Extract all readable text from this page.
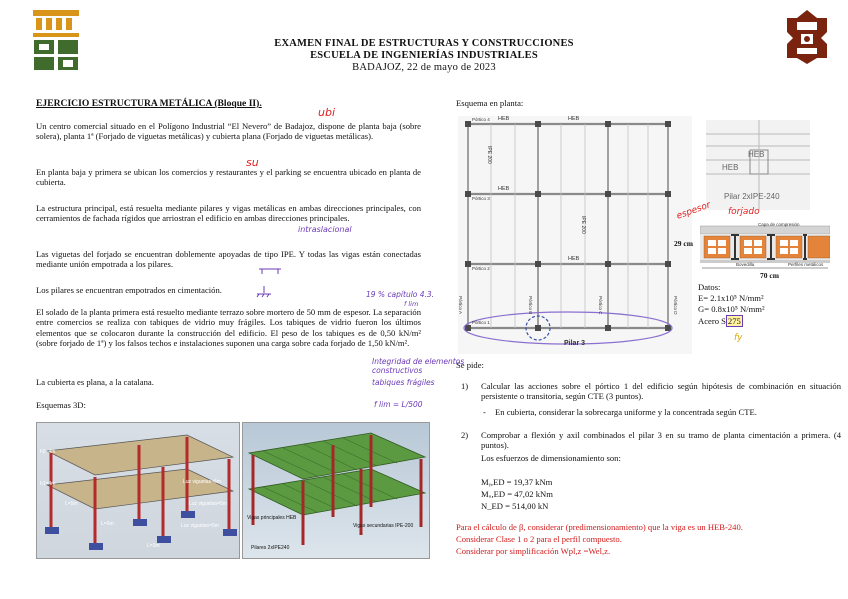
EXAMEN FINAL DE ESTRUCTURAS Y CONSTRUCCIONES
ESCUELA DE INGENIERÍAS INDUSTRIALES
BADAJOZ, 22 de mayo de 2023
EJERCICIO ESTRUCTURA METÁLICA (Bloque II).
ubi
Un centro comercial situado en el Polígono Industrial “El Nevero” de Badajoz, dispone de planta baja (sobre solera), planta 1ª (Forjado de viguetas metálicas) y cubierta plana (Forjado de viguetas metálicas).
su
En planta baja y primera se ubican los comercios y restaurantes y el parking se encuentra ubicado en planta de cubierta.
La estructura principal, está resuelta mediante pilares y vigas metálicas en ambas direcciones principales, con cerramientos de fachada rígidos que arriostran el edificio en ambas direcciones principales.
intraslacional
Las viguetas del forjado se encuentran doblemente apoyadas de tipo IPE. Y todas las vigas están conectadas mediante unión empotrada a los pilares.
Los pilares se encuentran empotrados en cimentación.	19 % capítulo 4.3.
f lim
El solado de la planta primera está resuelto mediante terrazo sobre mortero de 50 mm de espesor. La separación entre comercios se realiza con tabiques de vidrio muy frágiles. Los tabiques de vidrio fueron los últimos elementos que se colocaron durante la construcción del edificio. El peso de los tabiques es de 0,50 kN/m² (sobre forjado de 1ª) y los falsos techos e instalaciones suponen una carga sobre cada forjado de 1,50 kN/m².
Integridad de elementos constructivos
tabiques frágiles
f lim = L/500
La cubierta es plana, a la catalana.
Esquemas 3D:
h2=4m
h1=4m
L=5m
L=6m
L=3m
Luz viguetas=6m
Luz viguetas=5m
Luz viguetas=5m
Vigas principales HEB
Vigas secundarias IPE-200
Pilares 2xIPE240
Esquema en planta:
HEB	HEB
HEB
HEB
IPE 200
IPE 200
Pórtico 4
Pórtico 3
Pórtico 2
Pórtico 1
Pórtico A	Pórtico B	Pórtico C	Pórtico D
Pilar 3
HEB
HEB
Pilar 2xIPE-240
espesor forjado
Capa de compresión
Bovedilla	Perfiles metálicos
29 cm
70 cm
Datos:
E= 2.1x10⁵ N/mm²
G= 0.8x10⁵ N/mm²
Acero S 275
fy
Se pide:
1) Calcular las acciones sobre el pórtico 1 del edificio según hipótesis de combinación en situación persistente o transitoria, según CTE (3 puntos).
- En cubierta, considerar la sobrecarga uniforme y la concentrada según CTE.
2) Comprobar a flexión y axil combinados el pilar 3 en su tramo de planta cimentación a primera. (4 puntos).
Los esfuerzos de dimensionamiento son:
Mᵧ,ED = 19,37 kNm
Mᵤ,ED = 47,02 kNm
N_ED = 514,00 kN
Para el cálculo de β, considerar (predimensionamiento) que la viga es un HEB-240.
Considerar Clase 1 o 2 para el perfil compuesto.
Considerar por simplificación Wpl,z =Wel,z.
